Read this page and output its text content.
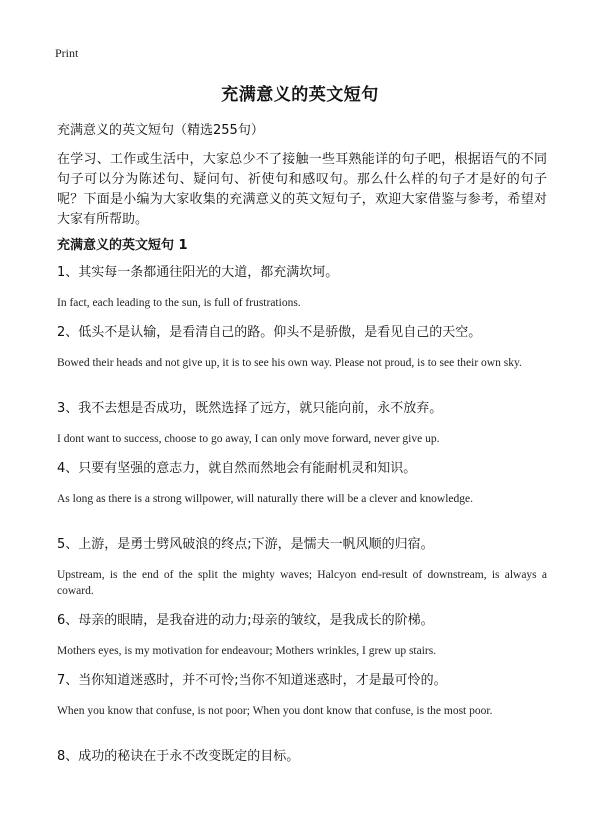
Print
充满意义的英文短句
充满意义的英文短句（精选255句）
在学习、工作或生活中，大家总少不了接触一些耳熟能详的句子吧，根据语气的不同句子可以分为陈述句、疑问句、祈使句和感叹句。那么什么样的句子才是好的句子呢？下面是小编为大家收集的充满意义的英文短句子，欢迎大家借鉴与参考，希望对大家有所帮助。
充满意义的英文短句 1
1、其实每一条都通往阳光的大道，都充满坎坷。
In fact, each leading to the sun, is full of frustrations.
2、低头不是认输，是看清自己的路。仰头不是骄傲，是看见自己的天空。
Bowed their heads and not give up, it is to see his own way. Please not proud, is to see their own sky.
3、我不去想是否成功，既然选择了远方，就只能向前，永不放弃。
I dont want to success, choose to go away, I can only move forward, never give up.
4、只要有坚强的意志力，就自然而然地会有能耐机灵和知识。
As long as there is a strong willpower, will naturally there will be a clever and knowledge.
5、上游，是勇士劈风破浪的终点;下游，是懦夫一帆风顺的归宿。
Upstream, is the end of the split the mighty waves; Halcyon end-result of downstream, is always a coward.
6、母亲的眼睛，是我奋进的动力;母亲的皱纹，是我成长的阶梯。
Mothers eyes, is my motivation for endeavour; Mothers wrinkles, I grew up stairs.
7、当你知道迷惑时，并不可怜;当你不知道迷惑时，才是最可怜的。
When you know that confuse, is not poor; When you dont know that confuse, is the most poor.
8、成功的秘诀在于永不改变既定的目标。
